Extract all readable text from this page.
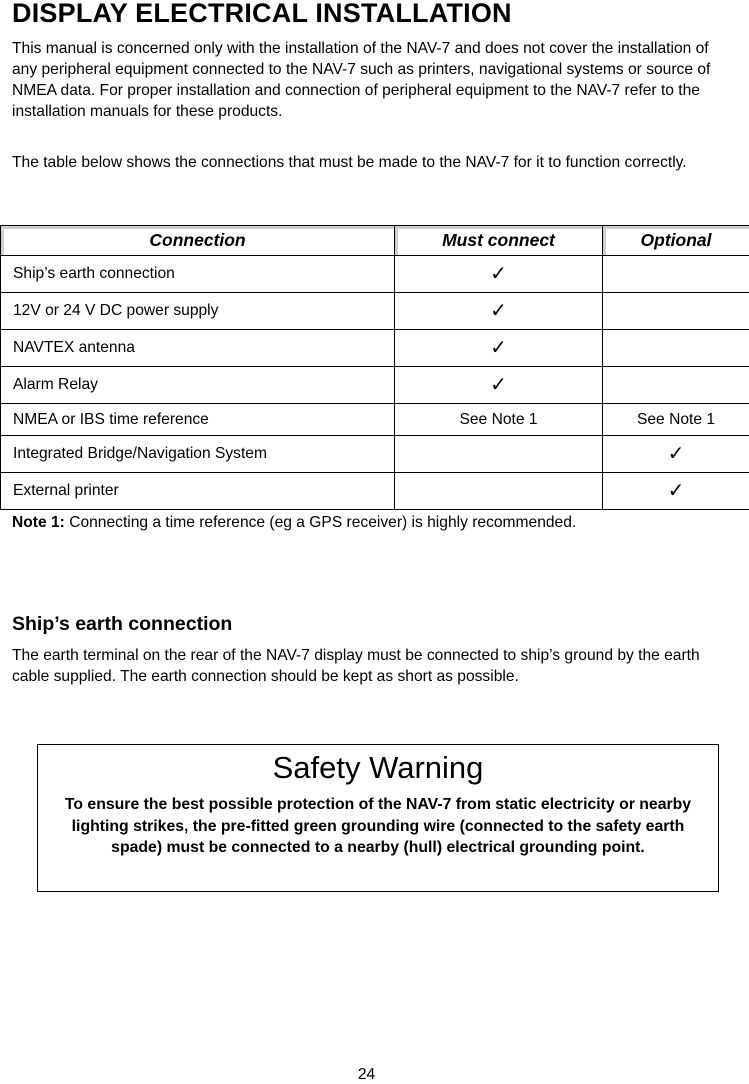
DISPLAY ELECTRICAL INSTALLATION
This manual is concerned only with the installation of the NAV-7 and does not cover the installation of any peripheral equipment connected to the NAV-7 such as printers, navigational systems or source of NMEA data. For proper installation and connection of peripheral equipment to the NAV-7 refer to the installation manuals for these products.
The table below shows the connections that must be made to the NAV-7 for it to function correctly.
Connection	Must connect	Optional
Ship’s earth connection	✓	
12V or 24 V DC power supply	✓	
NAVTEX antenna	✓	
Alarm Relay	✓	
NMEA or IBS time reference	See Note 1	See Note 1
Integrated Bridge/Navigation System		✓
External printer		✓
Note 1: Connecting a time reference (eg a GPS receiver) is highly recommended.
Ship’s earth connection
The earth terminal on the rear of the NAV-7 display must be connected to ship’s ground by the earth cable supplied. The earth connection should be kept as short as possible.
Safety Warning
To ensure the best possible protection of the NAV-7 from static electricity or nearby lighting strikes, the pre-fitted green grounding wire (connected to the safety earth spade) must be connected to a nearby (hull) electrical grounding point.
24
